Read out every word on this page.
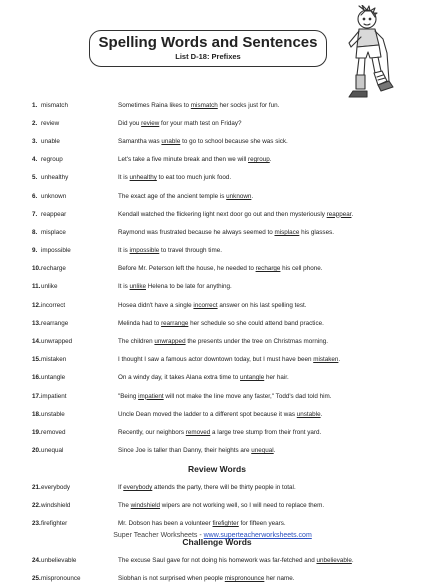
Spelling Words and Sentences
List D-18: Prefixes
1. mismatch	Sometimes Raina likes to mismatch her socks just for fun.
2. review	Did you review for your math test on Friday?
3. unable	Samantha was unable to go to school because she was sick.
4. regroup	Let's take a five minute break and then we will regroup.
5. unhealthy	It is unhealthy to eat too much junk food.
6. unknown	The exact age of the ancient temple is unknown.
7. reappear	Kendall watched the flickering light next door go out and then mysteriously reappear.
8. misplace	Raymond was frustrated because he always seemed to misplace his glasses.
9. impossible	It is impossible to travel through time.
10. recharge	Before Mr. Peterson left the house, he needed to recharge his cell phone.
11. unlike	It is unlike Helena to be late for anything.
12. incorrect	Hosea didn't have a single incorrect answer on his last spelling test.
13. rearrange	Melinda had to rearrange her schedule so she could attend band practice.
14. unwrapped	The children unwrapped the presents under the tree on Christmas morning.
15. mistaken	I thought I saw a famous actor downtown today, but I must have been mistaken.
16. untangle	On a windy day, it takes Alana extra time to untangle her hair.
17. impatient	"Being impatient will not make the line move any faster," Todd's dad told him.
18. unstable	Uncle Dean moved the ladder to a different spot because it was unstable.
19. removed	Recently, our neighbors removed a large tree stump from their front yard.
20. unequal	Since Joe is taller than Danny, their heights are unequal.
Review Words
21. everybody	If everybody attends the party, there will be thirty people in total.
22. windshield	The windshield wipers are not working well, so I will need to replace them.
23. firefighter	Mr. Dobson has been a volunteer firefighter for fifteen years.
Challenge Words
24. unbelievable	The excuse Saul gave for not doing his homework was far-fetched and unbelievable.
25. mispronounce	Siobhan is not surprised when people mispronounce her name.
Super Teacher Worksheets - www.superteacherworksheets.com
